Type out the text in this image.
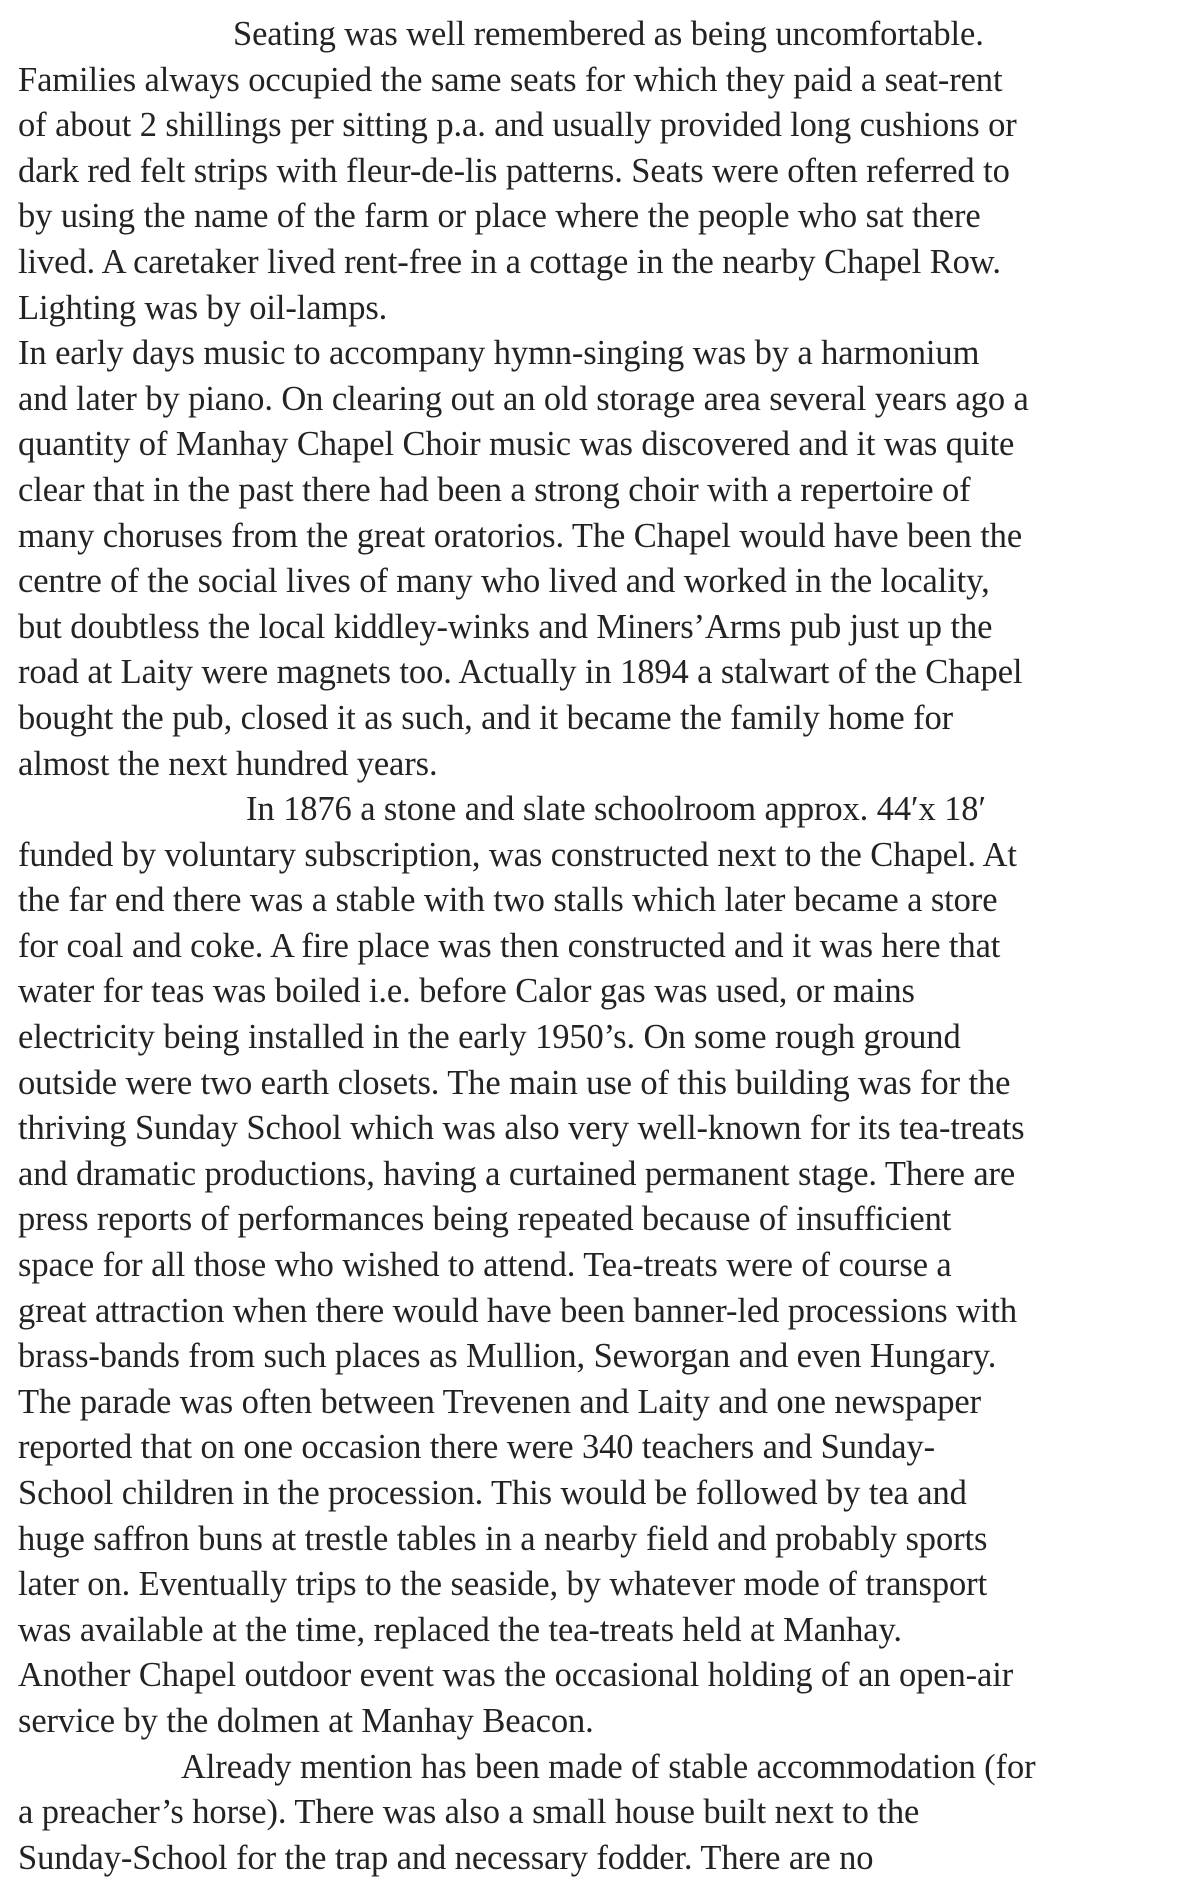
Seating was well remembered as being uncomfortable.
Families always occupied the same seats for which they paid a seat-rent
of about 2 shillings per sitting p.a. and usually provided long cushions or
dark red felt strips with fleur-de-lis patterns. Seats were often referred to
by using the name of the farm or place where the people who sat there
lived. A caretaker lived rent-free in a cottage in the nearby Chapel Row.
Lighting was by oil-lamps.
In early days music to accompany hymn-singing was by a harmonium
and later by piano. On clearing out an old storage area several years ago a
quantity of Manhay Chapel Choir music was discovered and it was quite
clear that in the past there had been a strong choir with a repertoire of
many choruses from the great oratorios. The Chapel would have been the
centre of the social lives of many who lived and worked in the locality,
but doubtless the local kiddley-winks and Miners’Arms pub just up the
road at Laity were magnets too. Actually in 1894 a stalwart of the Chapel
bought the pub, closed it as such, and it became the family home for
almost the next hundred years.
In 1876 a stone and slate schoolroom approx. 44′x 18′
funded by voluntary subscription, was constructed next to the Chapel. At
the far end there was a stable with two stalls which later became a store
for coal and coke. A fire place was then constructed and it was here that
water for teas was boiled i.e. before Calor gas was used, or mains
electricity being installed in the early 1950’s. On some rough ground
outside were two earth closets. The main use of this building was for the
thriving Sunday School which was also very well-known for its tea-treats
and dramatic productions, having a curtained permanent stage. There are
press reports of performances being repeated because of insufficient
space for all those who wished to attend. Tea-treats were of course a
great attraction when there would have been banner-led processions with
brass-bands from such places as Mullion, Seworgan and even Hungary.
The parade was often between Trevenen and Laity and one newspaper
reported that on one occasion there were 340 teachers and Sunday-
School children in the procession. This would be followed by tea and
huge saffron buns at trestle tables in a nearby field and probably sports
later on. Eventually trips to the seaside, by whatever mode of transport
was available at the time, replaced the tea-treats held at Manhay.
Another Chapel outdoor event was the occasional holding of an open-air
service by the dolmen at Manhay Beacon.
Already mention has been made of stable accommodation (for
a preacher’s horse). There was also a small house built next to the
Sunday-School for the trap and necessary fodder. There are no
